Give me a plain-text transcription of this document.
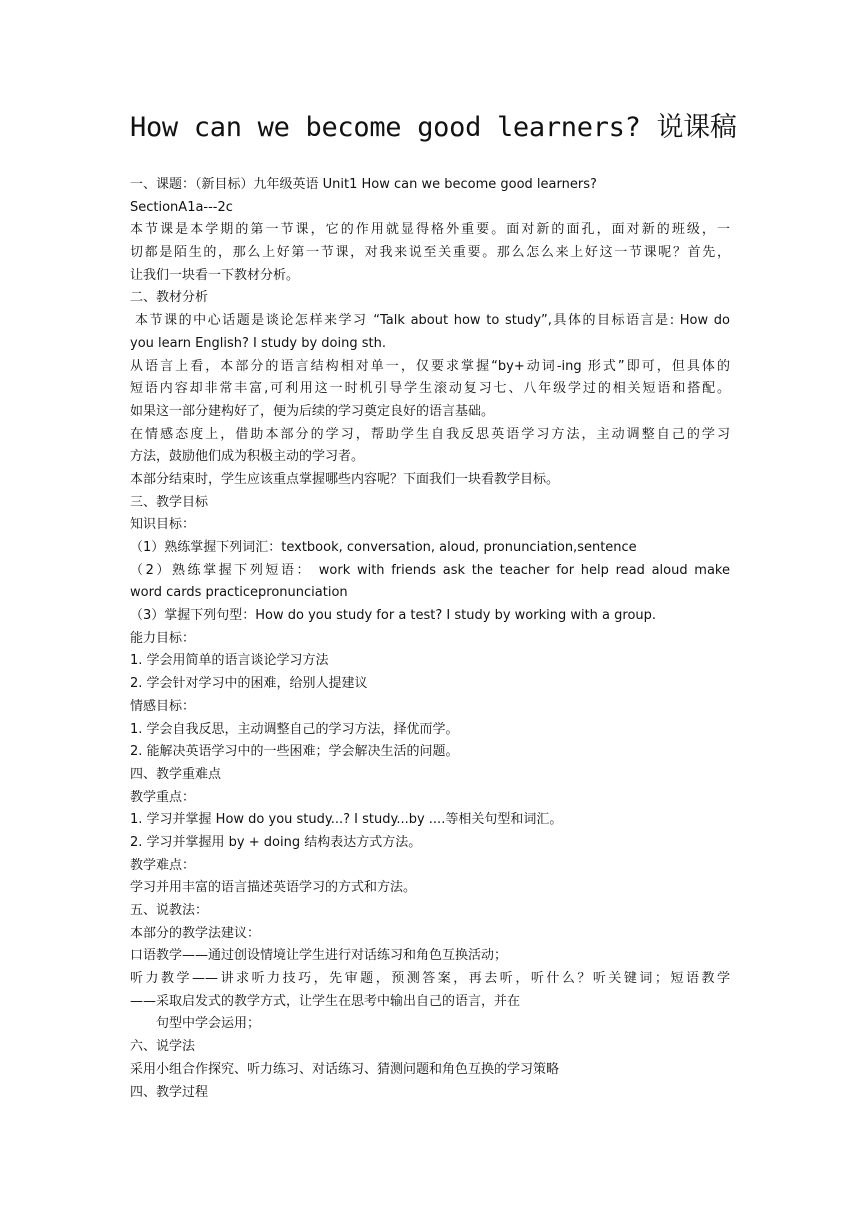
How can we become good learners? 说课稿
一、课题：（新目标）九年级英语 Unit1 How can we become good learners?
SectionA1a---2c
本节课是本学期的第一节课，它的作用就显得格外重要。面对新的面孔，面对新的班级，一
切都是陌生的，那么上好第一节课，对我来说至关重要。那么怎么来上好这一节课呢？首先，
让我们一块看一下教材分析。
二、教材分析
本节课的中心话题是谈论怎样来学习 “Talk about how to study”,具体的目标语言是: How do
you learn English? I study by doing sth.
从语言上看，本部分的语言结构相对单一，仅要求掌握“by+动词-ing 形式”即可，但具体的
短语内容却非常丰富,可利用这一时机引导学生滚动复习七、八年级学过的相关短语和搭配。
如果这一部分建构好了，便为后续的学习奠定良好的语言基础。
在情感态度上，借助本部分的学习，帮助学生自我反思英语学习方法，主动调整自己的学习
方法，鼓励他们成为积极主动的学习者。
本部分结束时，学生应该重点掌握哪些内容呢？下面我们一块看教学目标。
三、教学目标
知识目标：
（1）熟练掌握下列词汇：textbook, conversation, aloud, pronunciation,sentence
（2）熟练掌握下列短语： work with friends ask the teacher for help read aloud make
word cards practicepronunciation
（3）掌握下列句型：How do you study for a test? I study by working with a group.
能力目标：
1. 学会用简单的语言谈论学习方法
2. 学会针对学习中的困难，给别人提建议
情感目标：
1. 学会自我反思，主动调整自己的学习方法，择优而学。
2. 能解决英语学习中的一些困难；学会解决生活的问题。
四、教学重难点
教学重点：
1. 学习并掌握 How do you study...? I study...by ....等相关句型和词汇。
2. 学习并掌握用 by + doing 结构表达方式方法。
教学难点：
学习并用丰富的语言描述英语学习的方式和方法。
五、说教法：
本部分的教学法建议：
口语教学——通过创设情境让学生进行对话练习和角色互换活动；
听力教学——讲求听力技巧，先审题，预测答案，再去听，听什么？听关键词；短语教学
——采取启发式的教学方式，让学生在思考中输出自己的语言，并在
句型中学会运用；
六、说学法
采用小组合作探究、听力练习、对话练习、猜测问题和角色互换的学习策略
四、教学过程
